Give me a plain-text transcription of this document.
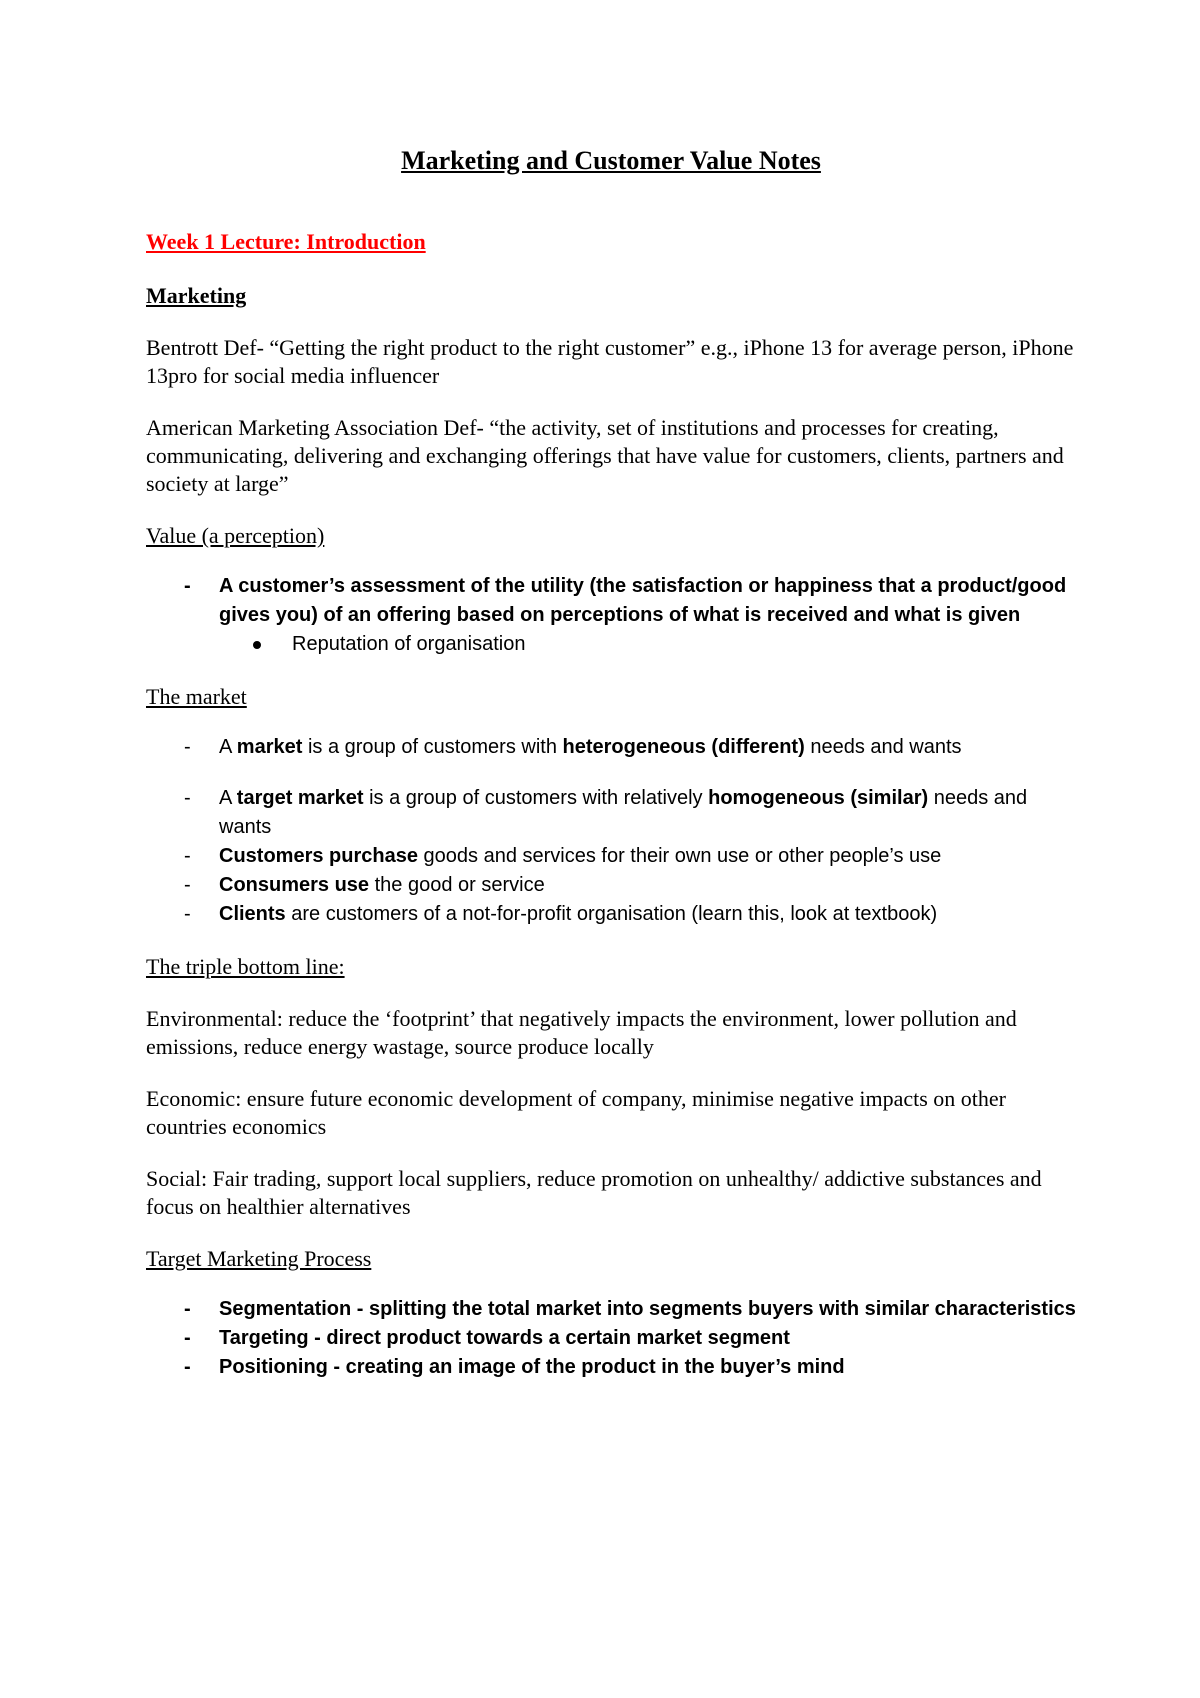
Marketing and Customer Value Notes
Week 1 Lecture: Introduction
Marketing

Bentrott Def- “Getting the right product to the right customer” e.g., iPhone 13 for average person, iPhone 13pro for social media influencer

American Marketing Association Def- “the activity, set of institutions and processes for creating, communicating, delivering and exchanging offerings that have value for customers, clients, partners and society at large”

Value (a perception)
- A customer’s assessment of the utility (the satisfaction or happiness that a product/good gives you) of an offering based on perceptions of what is received and what is given
Reputation of organisation
The market
- A market is a group of customers with heterogeneous (different) needs and wants
- A target market is a group of customers with relatively homogeneous (similar) needs and wants
- Customers purchase goods and services for their own use or other people’s use
- Consumers use the good or service
- Clients are customers of a not-for-profit organisation (learn this, look at textbook)
The triple bottom line:

Environmental: reduce the ‘footprint’ that negatively impacts the environment, lower pollution and emissions, reduce energy wastage, source produce locally

Economic: ensure future economic development of company, minimise negative impacts on other countries economics

Social: Fair trading, support local suppliers, reduce promotion on unhealthy/ addictive substances and focus on healthier alternatives

Target Marketing Process
- Segmentation - splitting the total market into segments buyers with similar characteristics
- Targeting - direct product towards a certain market segment
- Positioning - creating an image of the product in the buyer’s mind
